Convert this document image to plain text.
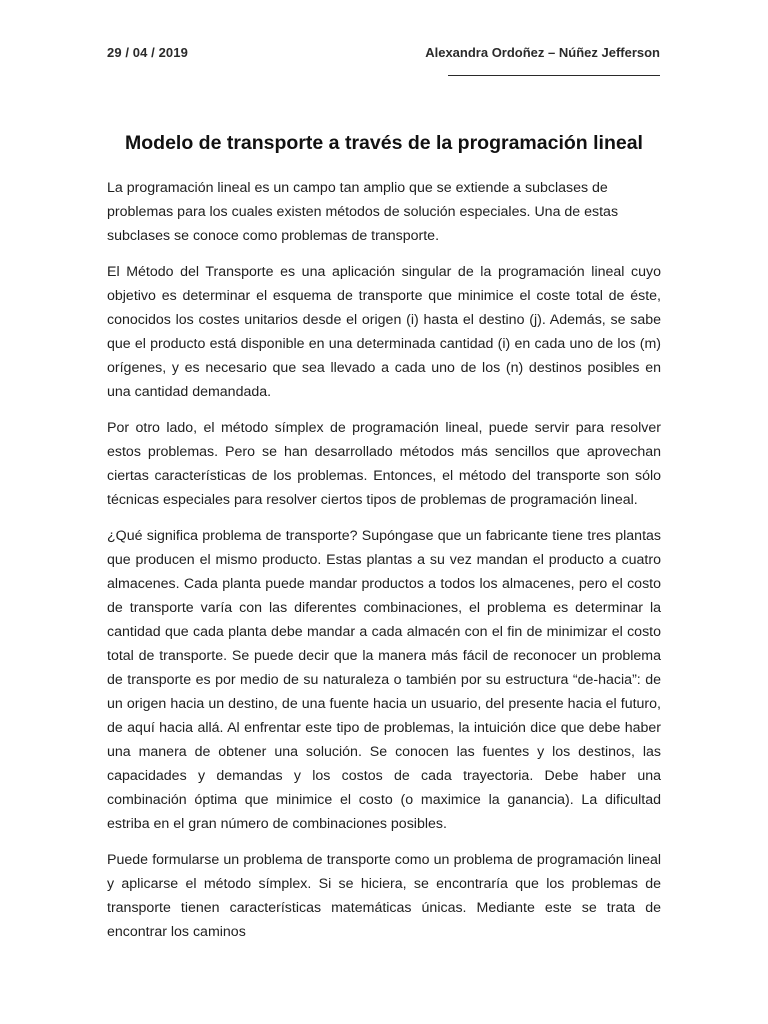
29 / 04 / 2019	Alexandra Ordoñez – Núñez Jefferson
Modelo de transporte a través de la programación lineal

La programación lineal es un campo tan amplio que se extiende a subclases de problemas para los cuales existen métodos de solución especiales. Una de estas subclases se conoce como problemas de transporte.

El Método del Transporte es una aplicación singular de la programación lineal cuyo objetivo es determinar el esquema de transporte que minimice el coste total de éste, conocidos los costes unitarios desde el origen (i) hasta el destino (j). Además, se sabe que el producto está disponible en una determinada cantidad (i) en cada uno de los (m) orígenes, y es necesario que sea llevado a cada uno de los (n) destinos posibles en una cantidad demandada.

Por otro lado, el método símplex de programación lineal, puede servir para resolver estos problemas. Pero se han desarrollado métodos más sencillos que aprovechan ciertas características de los problemas. Entonces, el método del transporte son sólo técnicas especiales para resolver ciertos tipos de problemas de programación lineal.

¿Qué significa problema de transporte? Supóngase que un fabricante tiene tres plantas que producen el mismo producto. Estas plantas a su vez mandan el producto a cuatro almacenes. Cada planta puede mandar productos a todos los almacenes, pero el costo de transporte varía con las diferentes combinaciones, el problema es determinar la cantidad que cada planta debe mandar a cada almacén con el fin de minimizar el costo total de transporte. Se puede decir que la manera más fácil de reconocer un problema de transporte es por medio de su naturaleza o también por su estructura “de-hacia”: de un origen hacia un destino, de una fuente hacia un usuario, del presente hacia el futuro, de aquí hacia allá. Al enfrentar este tipo de problemas, la intuición dice que debe haber una manera de obtener una solución. Se conocen las fuentes y los destinos, las capacidades y demandas y los costos de cada trayectoria. Debe haber una combinación óptima que minimice el costo (o maximice la ganancia). La dificultad estriba en el gran número de combinaciones posibles.

Puede formularse un problema de transporte como un problema de programación lineal y aplicarse el método símplex. Si se hiciera, se encontraría que los problemas de transporte tienen características matemáticas únicas. Mediante este se trata de encontrar los caminos
